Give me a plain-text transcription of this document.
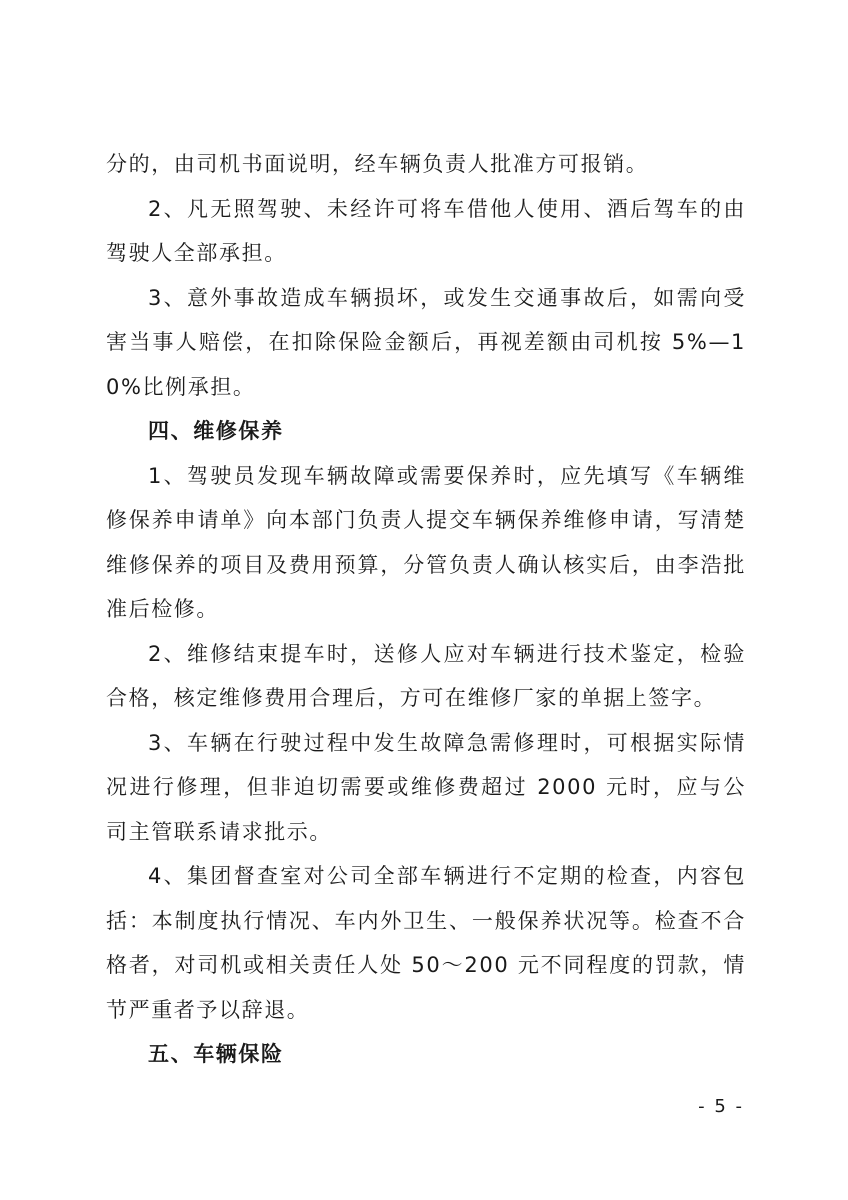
分的，由司机书面说明，经车辆负责人批准方可报销。

2、凡无照驾驶、未经许可将车借他人使用、酒后驾车的由驾驶人全部承担。

3、意外事故造成车辆损坏，或发生交通事故后，如需向受害当事人赔偿，在扣除保险金额后，再视差额由司机按 5%—10%比例承担。

四、维修保养

1、驾驶员发现车辆故障或需要保养时，应先填写《车辆维修保养申请单》向本部门负责人提交车辆保养维修申请，写清楚维修保养的项目及费用预算，分管负责人确认核实后，由李浩批准后检修。

2、维修结束提车时，送修人应对车辆进行技术鉴定，检验合格，核定维修费用合理后，方可在维修厂家的单据上签字。

3、车辆在行驶过程中发生故障急需修理时，可根据实际情况进行修理，但非迫切需要或维修费超过 2000 元时，应与公司主管联系请求批示。

4、集团督查室对公司全部车辆进行不定期的检查，内容包括：本制度执行情况、车内外卫生、一般保养状况等。检查不合格者，对司机或相关责任人处 50～200 元不同程度的罚款，情节严重者予以辞退。

五、车辆保险

- 5 -
